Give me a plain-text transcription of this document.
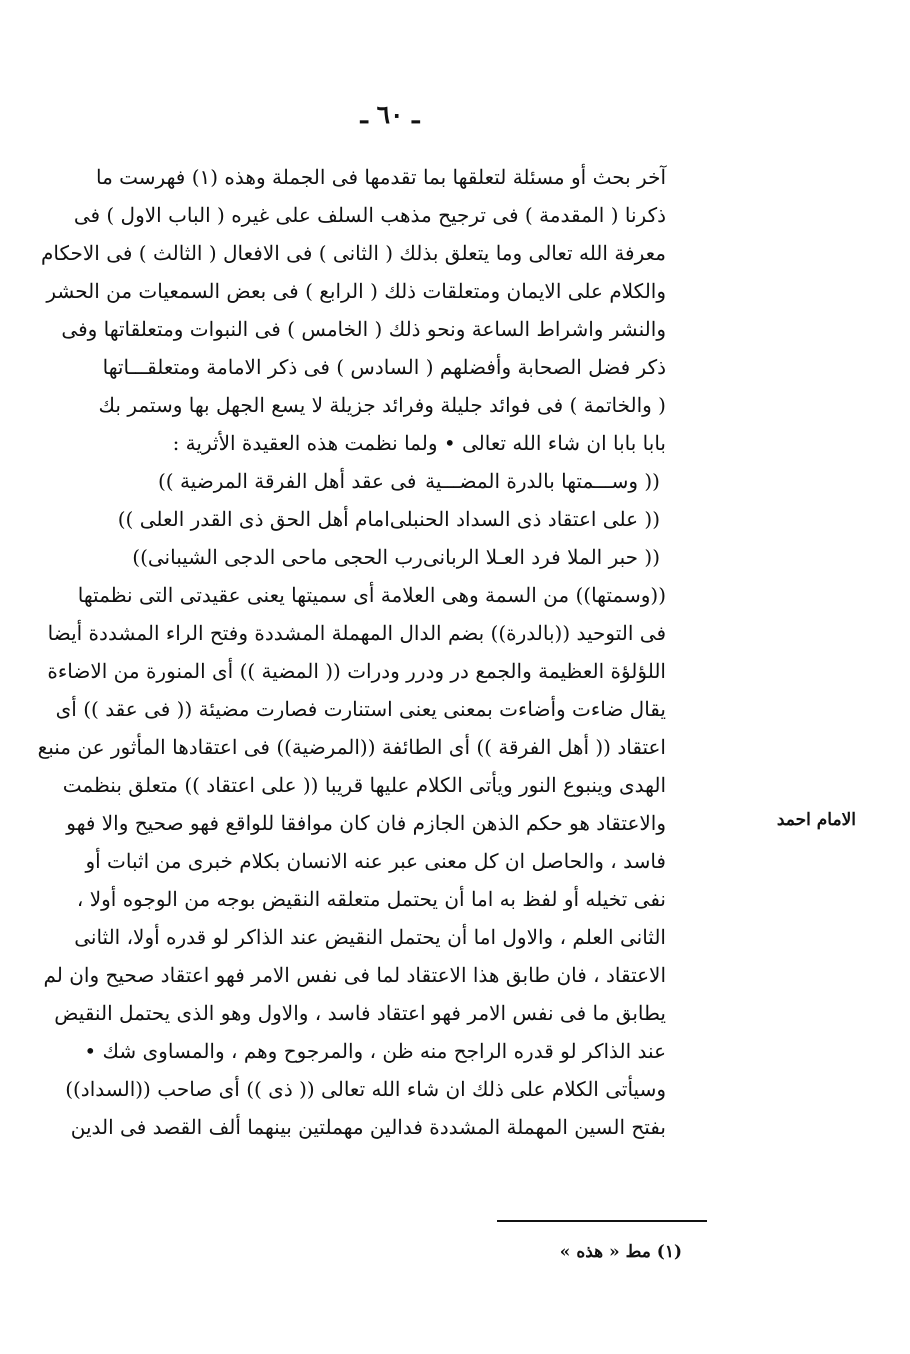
ـ ٦٠ ـ
آخر بحث أو مسئلة لتعلقها بما تقدمها فى الجملة وهذه (١) فهرست ما
ذكرنا ( المقدمة ) فى ترجيح مذهب السلف على غيره ( الباب الاول ) فى
معرفة الله تعالى وما يتعلق بذلك ( الثانى ) فى الافعال ( الثالث ) فى الاحكام
والكلام على الايمان ومتعلقات ذلك ( الرابع ) فى بعض السمعيات من الحشر
والنشر واشراط الساعة ونحو ذلك ( الخامس ) فى النبوات ومتعلقاتها وفى
ذكر فضل الصحابة وأفضلهم ( السادس ) فى ذكر الامامة ومتعلقـــاتها
( والخاتمة ) فى فوائد جليلة وفرائد جزيلة لا يسع الجهل بها وستمر بك
بابا بابا ان شاء الله تعالى • ولما نظمت هذه العقيدة الأثرية :
(( وســـمتها بالدرة المضـــية
فى عقد أهل الفرقة المرضية ))
(( على اعتقاد ذى السداد الحنبلى
امام أهل الحق ذى القدر العلى ))
(( حبر الملا فرد العـلا الربانى
رب الحجى ماحى الدجى الشيبانى))
((وسمتها)) من السمة وهى العلامة أى سميتها يعنى عقيدتى التى نظمتها
فى التوحيد ((بالدرة)) بضم الدال المهملة المشددة وفتح الراء المشددة أيضا
اللؤلؤة العظيمة والجمع در ودرر ودرات (( المضية )) أى المنورة من الاضاءة
يقال ضاءت وأضاءت بمعنى يعنى استنارت فصارت مضيئة (( فى عقد )) أى
اعتقاد (( أهل الفرقة )) أى الطائفة ((المرضية)) فى اعتقادها المأثور عن منبع
الهدى وينبوع النور ويأتى الكلام عليها قريبا (( على اعتقاد )) متعلق بنظمت
والاعتقاد هو حكم الذهن الجازم فان كان موافقا للواقع فهو صحيح والا فهو
فاسد ، والحاصل ان كل معنى عبر عنه الانسان بكلام خبرى من اثبات أو
نفى تخيله أو لفظ به اما أن يحتمل متعلقه النقيض بوجه من الوجوه أولا ،
الثانى العلم ، والاول اما أن يحتمل النقيض عند الذاكر لو قدره أولا، الثانى
الاعتقاد ، فان طابق هذا الاعتقاد لما فى نفس الامر فهو اعتقاد صحيح وان لم
يطابق ما فى نفس الامر فهو اعتقاد فاسد ، والاول وهو الذى يحتمل النقيض
عند الذاكر لو قدره الراجح منه ظن ، والمرجوح وهم ، والمساوى شك •
وسيأتى الكلام على ذلك ان شاء الله تعالى (( ذى )) أى صاحب ((السداد))
بفتح السين المهملة المشددة فدالين مهملتين بينهما ألف القصد فى الدين
الامام احمد
(١) مط « هذه »
